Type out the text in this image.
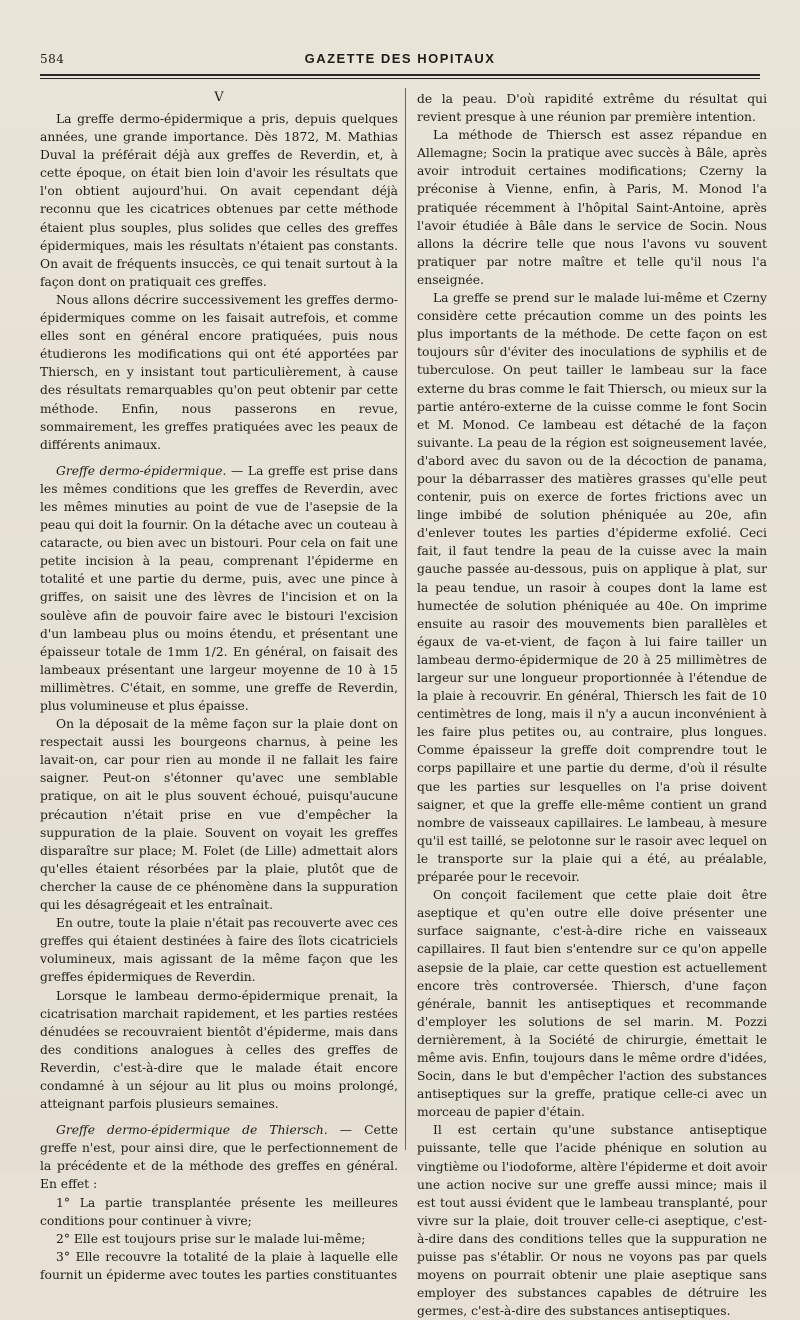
584	GAZETTE DES HOPITAUX
V

La greffe dermo-épidermique a pris, depuis quelques années, une grande importance. Dès 1872, M. Mathias Duval la préférait déjà aux greffes de Reverdin, et, à cette époque, on était bien loin d'avoir les résultats que l'on obtient aujourd'hui. On avait cependant déjà reconnu que les cicatrices obtenues par cette méthode étaient plus souples, plus solides que celles des greffes épidermiques, mais les résultats n'étaient pas constants. On avait de fréquents insuccès, ce qui tenait surtout à la façon dont on pratiquait ces greffes.

Nous allons décrire successivement les greffes dermo-épidermiques comme on les faisait autrefois, et comme elles sont en général encore pratiquées, puis nous étudierons les modifications qui ont été apportées par Thiersch, en y insistant tout particulièrement, à cause des résultats remarquables qu'on peut obtenir par cette méthode. Enfin, nous passerons en revue, sommairement, les greffes pratiquées avec les peaux de différents animaux.

Greffe dermo-épidermique. — La greffe est prise dans les mêmes conditions que les greffes de Reverdin, avec les mêmes minuties au point de vue de l'asepsie de la peau qui doit la fournir. On la détache avec un couteau à cataracte, ou bien avec un bistouri. Pour cela on fait une petite incision à la peau, comprenant l'épiderme en totalité et une partie du derme, puis, avec une pince à griffes, on saisit une des lèvres de l'incision et on la soulève afin de pouvoir faire avec le bistouri l'excision d'un lambeau plus ou moins étendu, et présentant une épaisseur totale de 1mm 1/2. En général, on faisait des lambeaux présentant une largeur moyenne de 10 à 15 millimètres. C'était, en somme, une greffe de Reverdin, plus volumineuse et plus épaisse.

On la déposait de la même façon sur la plaie dont on respectait aussi les bourgeons charnus, à peine les lavait-on, car pour rien au monde il ne fallait les faire saigner. Peut-on s'étonner qu'avec une semblable pratique, on ait le plus souvent échoué, puisqu'aucune précaution n'était prise en vue d'empêcher la suppuration de la plaie. Souvent on voyait les greffes disparaître sur place; M. Folet (de Lille) admettait alors qu'elles étaient résorbées par la plaie, plutôt que de chercher la cause de ce phénomène dans la suppuration qui les désagrégeait et les entraînait.

En outre, toute la plaie n'était pas recouverte avec ces greffes qui étaient destinées à faire des îlots cicatriciels volumineux, mais agissant de la même façon que les greffes épidermiques de Reverdin.

Lorsque le lambeau dermo-épidermique prenait, la cicatrisation marchait rapidement, et les parties restées dénudées se recouvraient bientôt d'épiderme, mais dans des conditions analogues à celles des greffes de Reverdin, c'est-à-dire que le malade était encore condamné à un séjour au lit plus ou moins prolongé, atteignant parfois plusieurs semaines.

Greffe dermo-épidermique de Thiersch. — Cette greffe n'est, pour ainsi dire, que le perfectionnement de la précédente et de la méthode des greffes en général. En effet :

1° La partie transplantée présente les meilleures conditions pour continuer à vivre;

2° Elle est toujours prise sur le malade lui-même;

3° Elle recouvre la totalité de la plaie à laquelle elle fournit un épiderme avec toutes les parties constituantes

de la peau. D'où rapidité extrême du résultat qui revient presque à une réunion par première intention.

La méthode de Thiersch est assez répandue en Allemagne; Socin la pratique avec succès à Bâle, après avoir introduit certaines modifications; Czerny la préconise à Vienne, enfin, à Paris, M. Monod l'a pratiquée récemment à l'hôpital Saint-Antoine, après l'avoir étudiée à Bâle dans le service de Socin. Nous allons la décrire telle que nous l'avons vu souvent pratiquer par notre maître et telle qu'il nous l'a enseignée.

La greffe se prend sur le malade lui-même et Czerny considère cette précaution comme un des points les plus importants de la méthode. De cette façon on est toujours sûr d'éviter des inoculations de syphilis et de tuberculose. On peut tailler le lambeau sur la face externe du bras comme le fait Thiersch, ou mieux sur la partie antéro-externe de la cuisse comme le font Socin et M. Monod. Ce lambeau est détaché de la façon suivante. La peau de la région est soigneusement lavée, d'abord avec du savon ou de la décoction de panama, pour la débarrasser des matières grasses qu'elle peut contenir, puis on exerce de fortes frictions avec un linge imbibé de solution phéniquée au 20e, afin d'enlever toutes les parties d'épiderme exfolié. Ceci fait, il faut tendre la peau de la cuisse avec la main gauche passée au-dessous, puis on applique à plat, sur la peau tendue, un rasoir à coupes dont la lame est humectée de solution phéniquée au 40e. On imprime ensuite au rasoir des mouvements bien parallèles et égaux de va-et-vient, de façon à lui faire tailler un lambeau dermo-épidermique de 20 à 25 millimètres de largeur sur une longueur proportionnée à l'étendue de la plaie à recouvrir. En général, Thiersch les fait de 10 centimètres de long, mais il n'y a aucun inconvénient à les faire plus petites ou, au contraire, plus longues. Comme épaisseur la greffe doit comprendre tout le corps papillaire et une partie du derme, d'où il résulte que les parties sur lesquelles on l'a prise doivent saigner, et que la greffe elle-même contient un grand nombre de vaisseaux capillaires. Le lambeau, à mesure qu'il est taillé, se pelotonne sur le rasoir avec lequel on le transporte sur la plaie qui a été, au préalable, préparée pour le recevoir.

On conçoit facilement que cette plaie doit être aseptique et qu'en outre elle doive présenter une surface saignante, c'est-à-dire riche en vaisseaux capillaires. Il faut bien s'entendre sur ce qu'on appelle asepsie de la plaie, car cette question est actuellement encore très controversée. Thiersch, d'une façon générale, bannit les antiseptiques et recommande d'employer les solutions de sel marin. M. Pozzi dernièrement, à la Société de chirurgie, émettait le même avis. Enfin, toujours dans le même ordre d'idées, Socin, dans le but d'empêcher l'action des substances antiseptiques sur la greffe, pratique celle-ci avec un morceau de papier d'étain.

Il est certain qu'une substance antiseptique puissante, telle que l'acide phénique en solution au vingtième ou l'iodoforme, altère l'épiderme et doit avoir une action nocive sur une greffe aussi mince; mais il est tout aussi évident que le lambeau transplanté, pour vivre sur la plaie, doit trouver celle-ci aseptique, c'est-à-dire dans des conditions telles que la suppuration ne puisse pas s'établir. Or nous ne voyons pas par quels moyens on pourrait obtenir une plaie aseptique sans employer des substances capables de détruire les germes, c'est-à-dire des substances antiseptiques.
